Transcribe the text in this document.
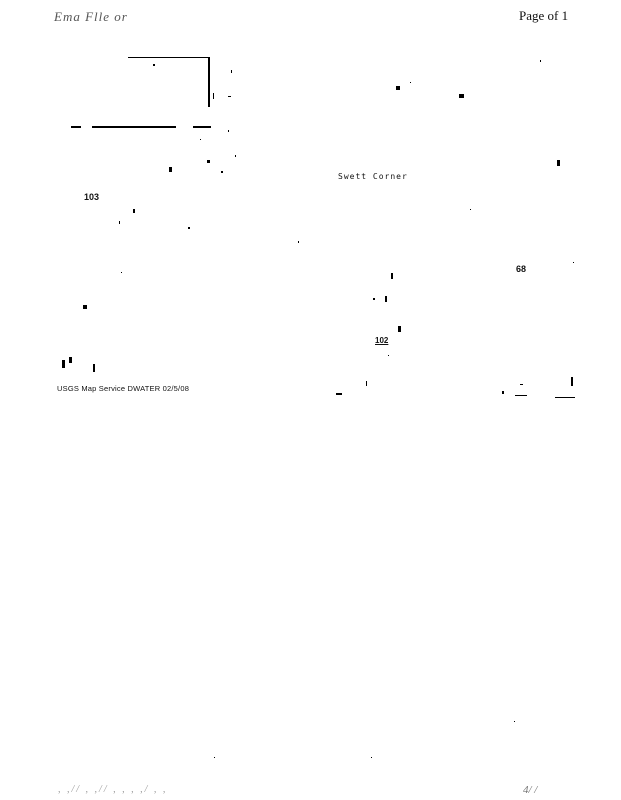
Ema Flle or	Page of 1
Swett Corner
103
68
102
USGS Map Service DWATER 02/5/08
, ,// , ,// , , , ,/ , ,	4/ /
